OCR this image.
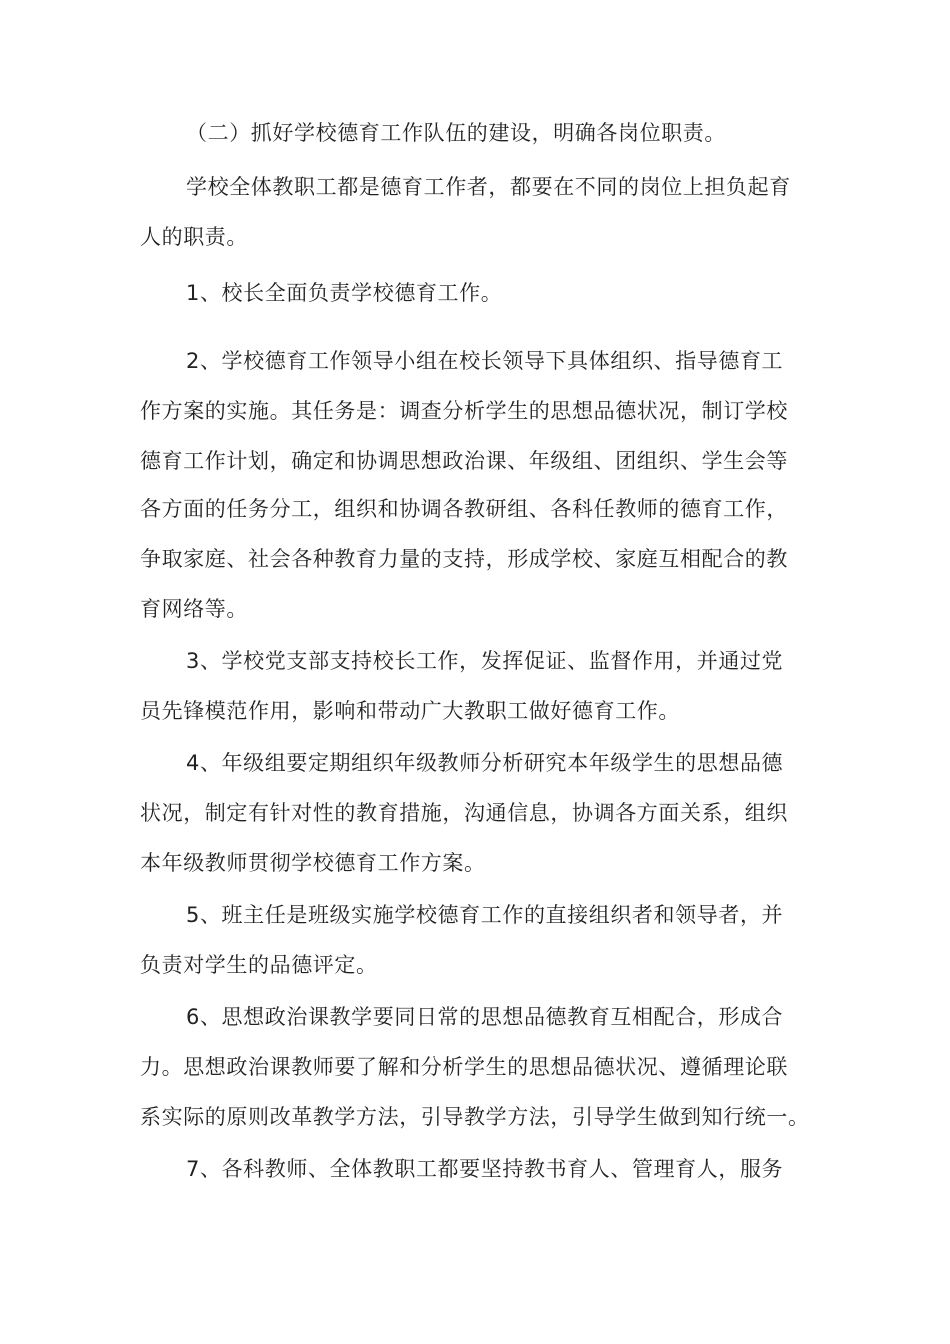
（二）抓好学校德育工作队伍的建设，明确各岗位职责。
学校全体教职工都是德育工作者，都要在不同的岗位上担负起育
人的职责。
1、校长全面负责学校德育工作。
2、学校德育工作领导小组在校长领导下具体组织、指导德育工
作方案的实施。其任务是：调查分析学生的思想品德状况，制订学校
德育工作计划，确定和协调思想政治课、年级组、团组织、学生会等
各方面的任务分工，组织和协调各教研组、各科任教师的德育工作，
争取家庭、社会各种教育力量的支持，形成学校、家庭互相配合的教
育网络等。
3、学校党支部支持校长工作，发挥促证、监督作用，并通过党
员先锋模范作用，影响和带动广大教职工做好德育工作。
4、年级组要定期组织年级教师分析研究本年级学生的思想品德
状况，制定有针对性的教育措施，沟通信息，协调各方面关系，组织
本年级教师贯彻学校德育工作方案。
5、班主任是班级实施学校德育工作的直接组织者和领导者，并
负责对学生的品德评定。
6、思想政治课教学要同日常的思想品德教育互相配合，形成合
力。思想政治课教师要了解和分析学生的思想品德状况、遵循理论联
系实际的原则改革教学方法，引导教学方法，引导学生做到知行统一。
7、各科教师、全体教职工都要坚持教书育人、管理育人，服务
